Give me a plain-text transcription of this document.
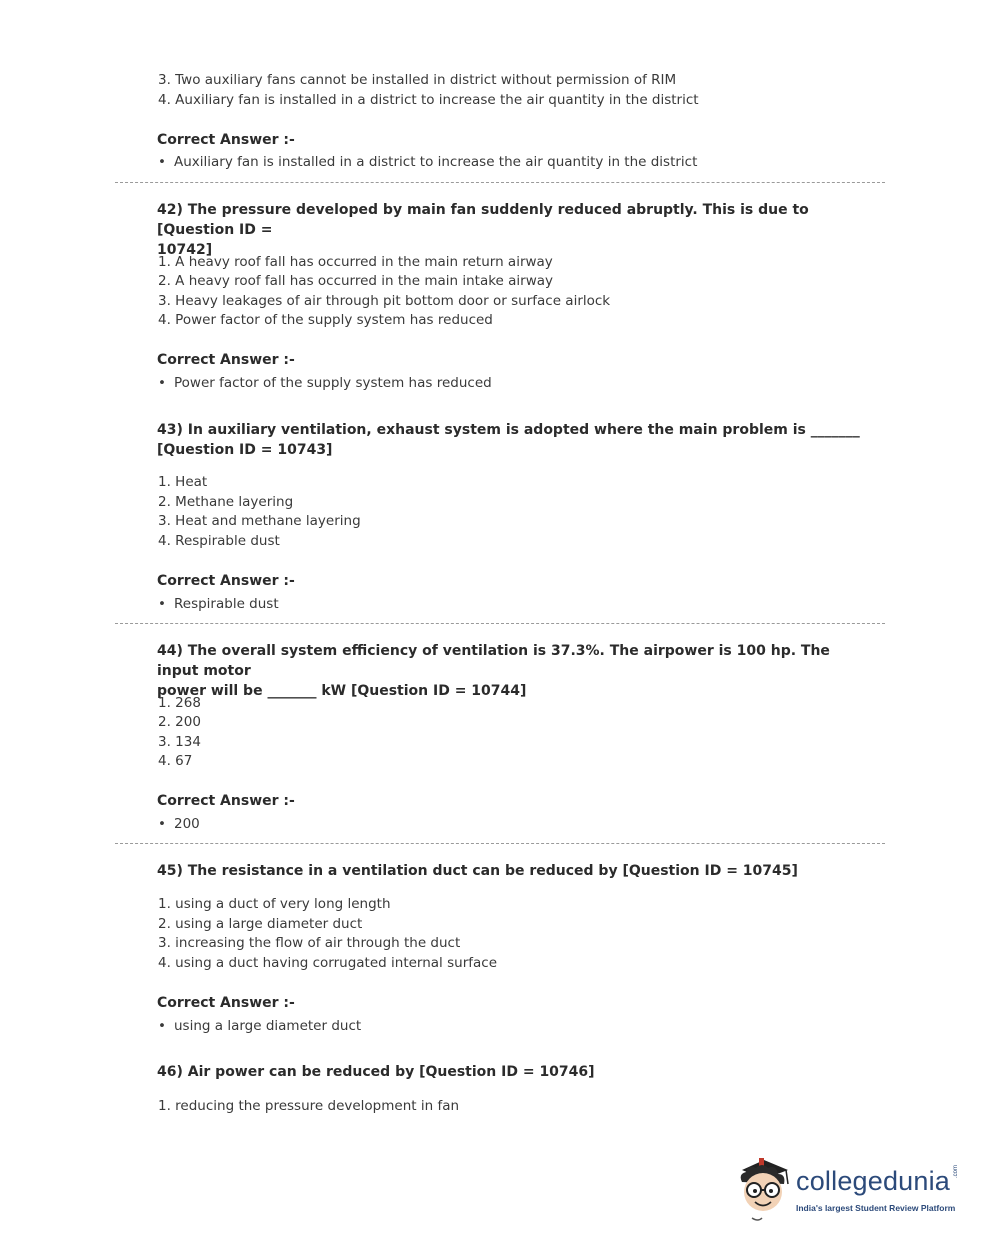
3. Two auxiliary fans cannot be installed in district without permission of RIM
4. Auxiliary fan is installed in a district to increase the air quantity in the district
Correct Answer :-
• Auxiliary fan is installed in a district to increase the air quantity in the district
42) The pressure developed by main fan suddenly reduced abruptly. This is due to [Question ID =
10742]
1. A heavy roof fall has occurred in the main return airway
2. A heavy roof fall has occurred in the main intake airway
3. Heavy leakages of air through pit bottom door or surface airlock
4. Power factor of the supply system has reduced
Correct Answer :-
• Power factor of the supply system has reduced
43) In auxiliary ventilation, exhaust system is adopted where the main problem is _______
[Question ID = 10743]
1. Heat
2. Methane layering
3. Heat and methane layering
4. Respirable dust
Correct Answer :-
• Respirable dust
44) The overall system efficiency of ventilation is 37.3%. The airpower is 100 hp. The input motor
power will be _______ kW [Question ID = 10744]
1. 268
2. 200
3. 134
4. 67
Correct Answer :-
• 200
45) The resistance in a ventilation duct can be reduced by [Question ID = 10745]
1. using a duct of very long length
2. using a large diameter duct
3. increasing the flow of air through the duct
4. using a duct having corrugated internal surface
Correct Answer :-
• using a large diameter duct
46) Air power can be reduced by [Question ID = 10746]
1. reducing the pressure development in fan
collegedunia .com
India's largest Student Review Platform
